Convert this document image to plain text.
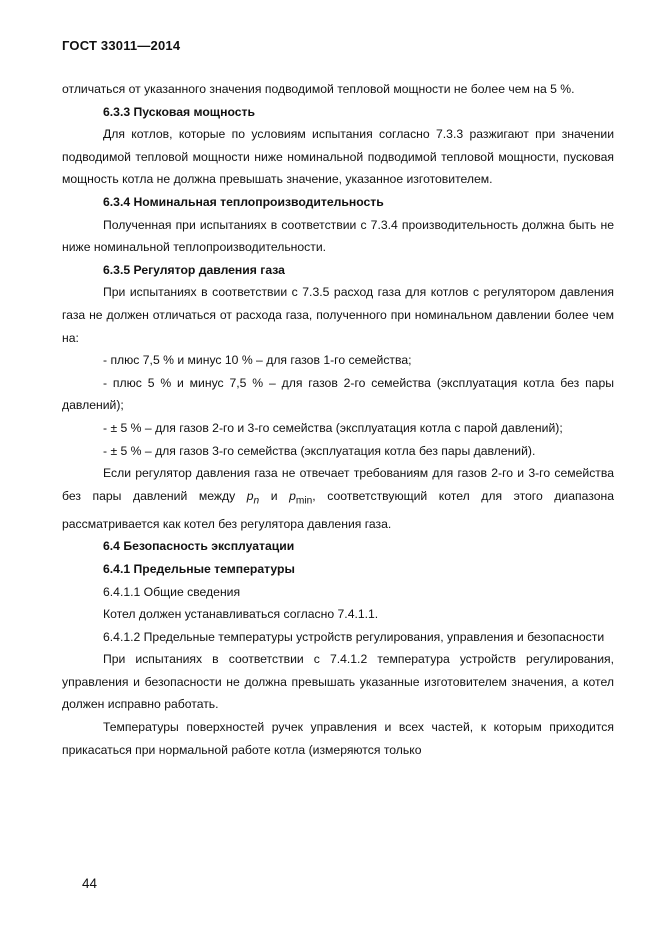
ГОСТ 33011—2014

отличаться от указанного значения подводимой тепловой мощности не более чем на 5 %.

6.3.3 Пусковая мощность

Для котлов, которые по условиям испытания согласно 7.3.3 разжигают при значении подводимой тепловой мощности ниже номинальной подводимой тепловой мощности, пусковая мощность котла не должна превышать значение, указанное изготовителем.

6.3.4 Номинальная теплопроизводительность

Полученная при испытаниях в соответствии с 7.3.4 производительность должна быть не ниже номинальной теплопроизводительности.

6.3.5 Регулятор давления газа

При испытаниях в соответствии с 7.3.5 расход газа для котлов с регулятором давления газа не должен отличаться от расхода газа, полученного при номинальном давлении более чем на:

- плюс 7,5 % и минус 10 % – для газов 1-го семейства;

- плюс 5 % и минус 7,5 % – для газов 2-го семейства (эксплуатация котла без пары давлений);

- ± 5 % – для газов 2-го и 3-го семейства (эксплуатация котла с парой давлений);

- ± 5 % – для газов 3-го семейства (эксплуатация котла без пары давлений).

Если регулятор давления газа не отвечает требованиям для газов 2-го и 3-го семейства без пары давлений между $p_n$ и $p_{min}$, соответствующий котел для этого диапазона рассматривается как котел без регулятора давления газа.

6.4 Безопасность эксплуатации

6.4.1 Предельные температуры

6.4.1.1 Общие сведения

Котел должен устанавливаться согласно 7.4.1.1.

6.4.1.2 Предельные температуры устройств регулирования, управления и безопасности

При испытаниях в соответствии с 7.4.1.2 температура устройств регулирования, управления и безопасности не должна превышать указанные изготовителем значения, а котел должен исправно работать.

Температуры поверхностей ручек управления и всех частей, к которым приходится прикасаться при нормальной работе котла (измеряются только

44
